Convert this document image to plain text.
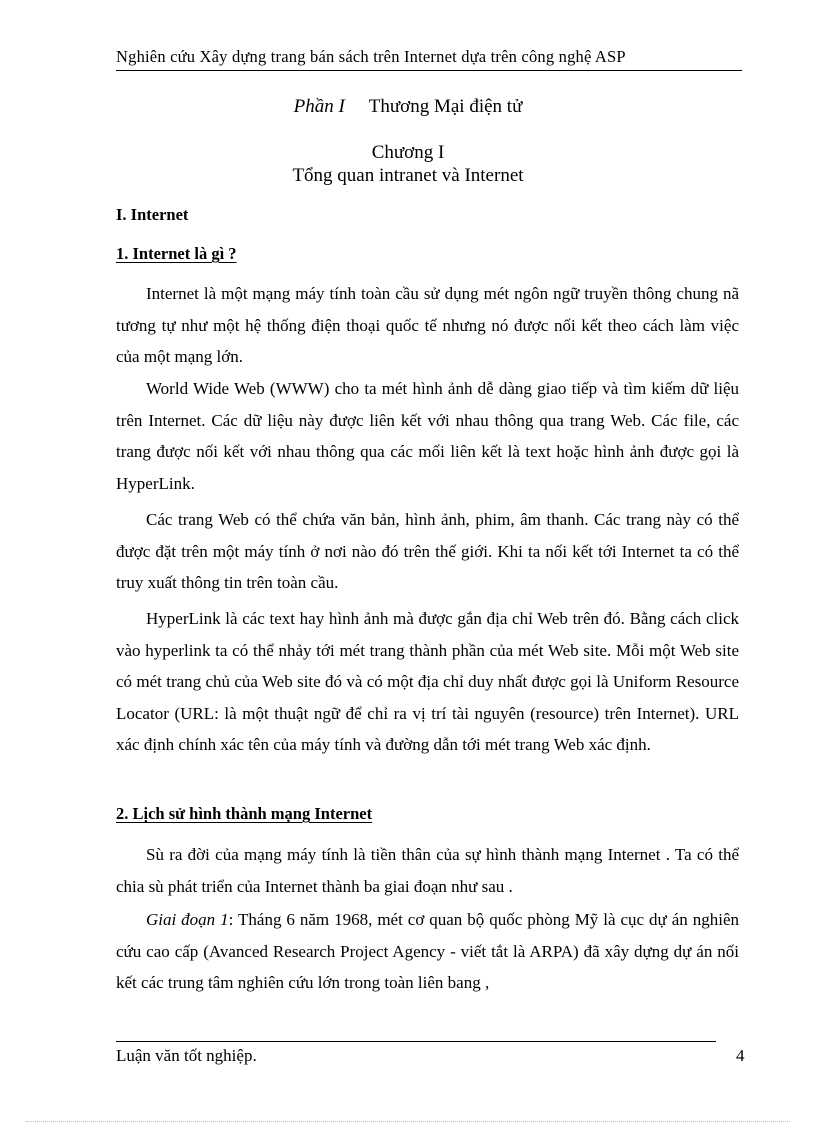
Nghiên cứu Xây dựng trang bán sách trên Internet dựa trên công nghệ ASP
Phần I Thương Mại điện tử
Chương I
Tổng quan intranet và Internet
I. Internet
1. Internet là gì ?

Internet là một mạng máy tính toàn cầu sử dụng mét ngôn ngữ truyền thông chung nã tương tự như một hệ thống điện thoại quốc tế nhưng nó được nối kết theo cách làm việc của một mạng lớn.

World Wide Web (WWW) cho ta mét hình ảnh dễ dàng giao tiếp và tìm kiếm dữ liệu trên Internet. Các dữ liệu này được liên kết với nhau thông qua trang Web. Các file, các trang được nối kết với nhau thông qua các mối liên kết là text hoặc hình ảnh được gọi là HyperLink.

Các trang Web có thể chứa văn bản, hình ảnh, phim, âm thanh. Các trang này có thể được đặt trên một máy tính ở nơi nào đó trên thế giới. Khi ta nối kết tới Internet ta có thể truy xuất thông tin trên toàn cầu.

HyperLink là các text hay hình ảnh mà được gắn địa chỉ Web trên đó. Bằng cách click vào hyperlink ta có thể nhảy tới mét trang thành phần của mét Web site. Mỗi một Web site có mét trang chủ của Web site đó và có một địa chỉ duy nhất được gọi là Uniform Resource Locator (URL: là một thuật ngữ để chỉ ra vị trí tài nguyên (resource) trên Internet). URL xác định chính xác tên của máy tính và đường dẫn tới mét trang Web xác định.

2. Lịch sử hình thành mạng Internet

Sù ra đời của mạng máy tính là tiền thân của sự hình thành mạng Internet . Ta có thể chia sù phát triển của Internet thành ba giai đoạn như sau .

Giai đoạn 1: Tháng 6 năm 1968, mét cơ quan bộ quốc phòng Mỹ là cục dự án nghiên cứu cao cấp (Avanced Research Project Agency - viết tắt là ARPA) đã xây dựng dự án nối kết các trung tâm nghiên cứu lớn trong toàn liên bang ,

Luận văn tốt nghiệp.	4
